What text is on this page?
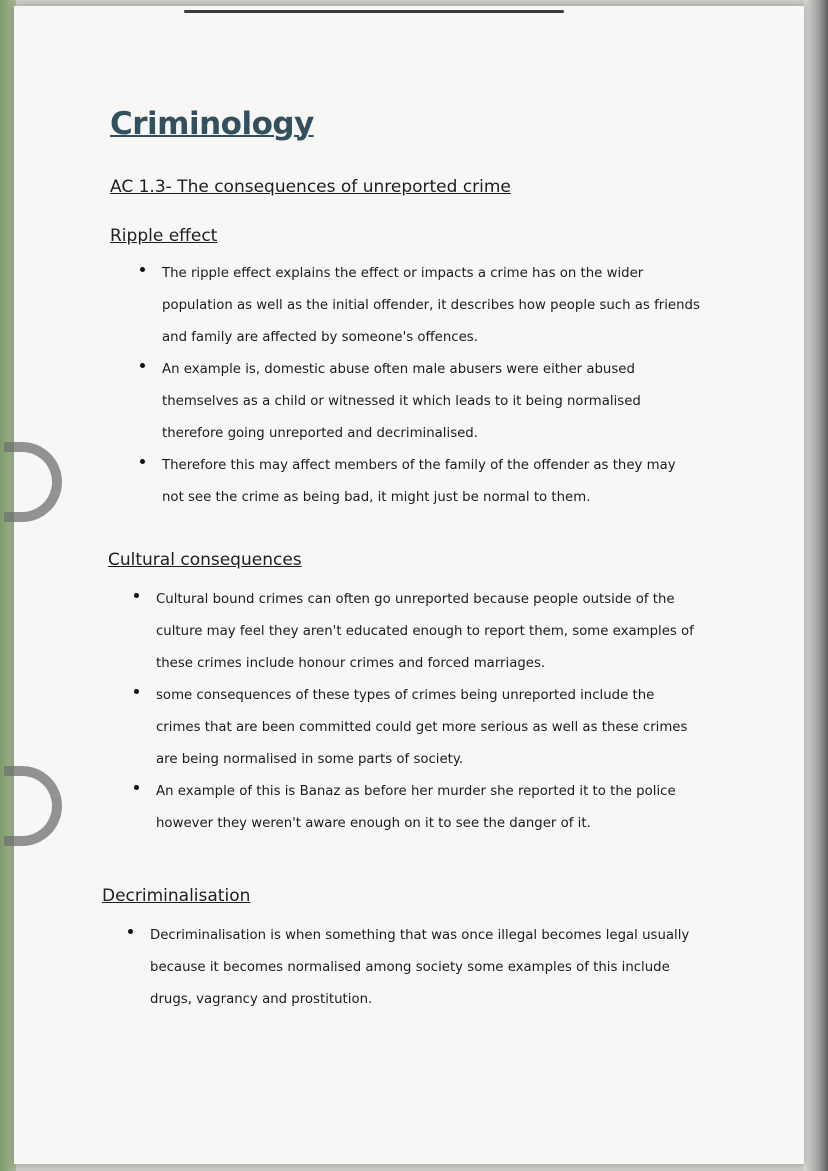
Criminology
AC 1.3- The consequences of unreported crime
Ripple effect
The ripple effect explains the effect or impacts a crime has on the wider population as well as the initial offender, it describes how people such as friends and family are affected by someone's offences.
An example is, domestic abuse often male abusers were either abused themselves as a child or witnessed it which leads to it being normalised therefore going unreported and decriminalised.
Therefore this may affect members of the family of the offender as they may not see the crime as being bad, it might just be normal to them.
Cultural consequences
Cultural bound crimes can often go unreported because people outside of the culture may feel they aren't educated enough to report them, some examples of these crimes include honour crimes and forced marriages.
some consequences of these types of crimes being unreported include the crimes that are been committed could get more serious as well as these crimes are being normalised in some parts of society.
An example of this is Banaz as before her murder she reported it to the police however they weren't aware enough on it to see the danger of it.
Decriminalisation
Decriminalisation is when something that was once illegal becomes legal usually because it becomes normalised among society some examples of this include drugs, vagrancy and prostitution.
